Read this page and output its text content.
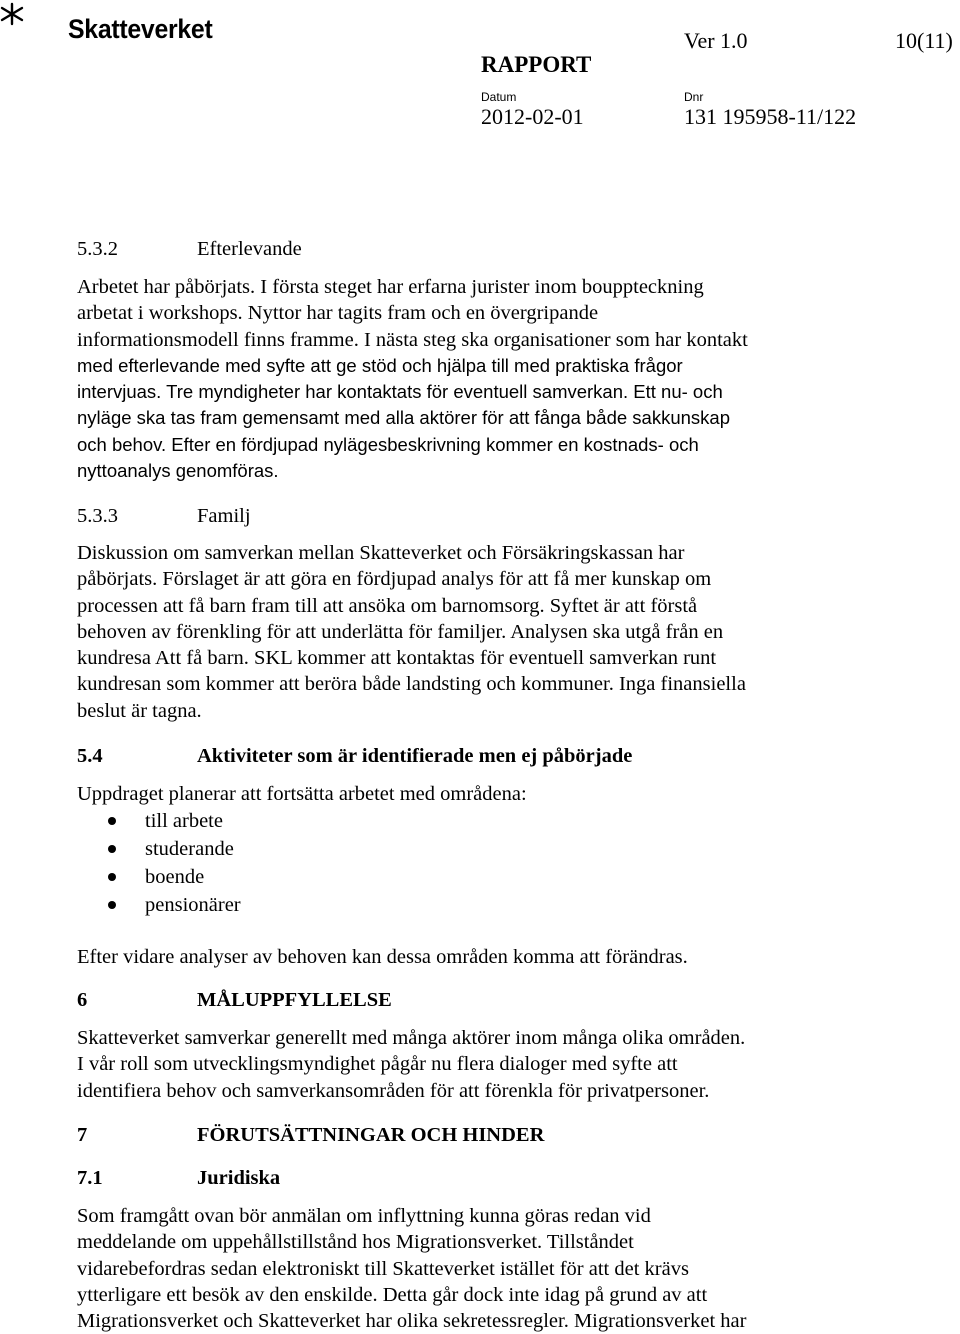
Skatteverket	Ver 1.0	10(11)
RAPPORT
Datum	Dnr
2012-02-01	131 195958-11/122
5.3.2	Efterlevande
Arbetet har påbörjats. I första steget har erfarna jurister inom bouppteckning
arbetat i workshops. Nyttor har tagits fram och en övergripande
informationsmodell finns framme. I nästa steg ska organisationer som har kontakt
med efterlevande med syfte att ge stöd och hjälpa till med praktiska frågor
intervjuas. Tre myndigheter har kontaktats för eventuell samverkan. Ett nu- och
nyläge ska tas fram gemensamt med alla aktörer för att fånga både sakkunskap
och behov. Efter en fördjupad nylägesbeskrivning kommer en kostnads- och
nyttoanalys genomföras.
5.3.3	Familj
Diskussion om samverkan mellan Skatteverket och Försäkringskassan har
påbörjats. Förslaget är att göra en fördjupad analys för att få mer kunskap om
processen att få barn fram till att ansöka om barnomsorg. Syftet är att förstå
behoven av förenkling för att underlätta för familjer. Analysen ska utgå från en
kundresa Att få barn. SKL kommer att kontaktas för eventuell samverkan runt
kundresan som kommer att beröra både landsting och kommuner. Inga finansiella
beslut är tagna.
5.4	Aktiviteter som är identifierade men ej påbörjade
Uppdraget planerar att fortsätta arbetet med områdena:
till arbete
studerande
boende
pensionärer
Efter vidare analyser av behoven kan dessa områden komma att förändras.
6	MÅLUPPFYLLELSE
Skatteverket samverkar generellt med många aktörer inom många olika områden.
I vår roll som utvecklingsmyndighet pågår nu flera dialoger med syfte att
identifiera behov och samverkansområden för att förenkla för privatpersoner.
7	FÖRUTSÄTTNINGAR OCH HINDER
7.1	Juridiska
Som framgått ovan bör anmälan om inflyttning kunna göras redan vid
meddelande om uppehållstillstånd hos Migrationsverket. Tillståndet
vidarebefordras sedan elektroniskt till Skatteverket istället för att det krävs
ytterligare ett besök av den enskilde. Detta går dock inte idag på grund av att
Migrationsverket och Skatteverket har olika sekretessregler. Migrationsverket har
